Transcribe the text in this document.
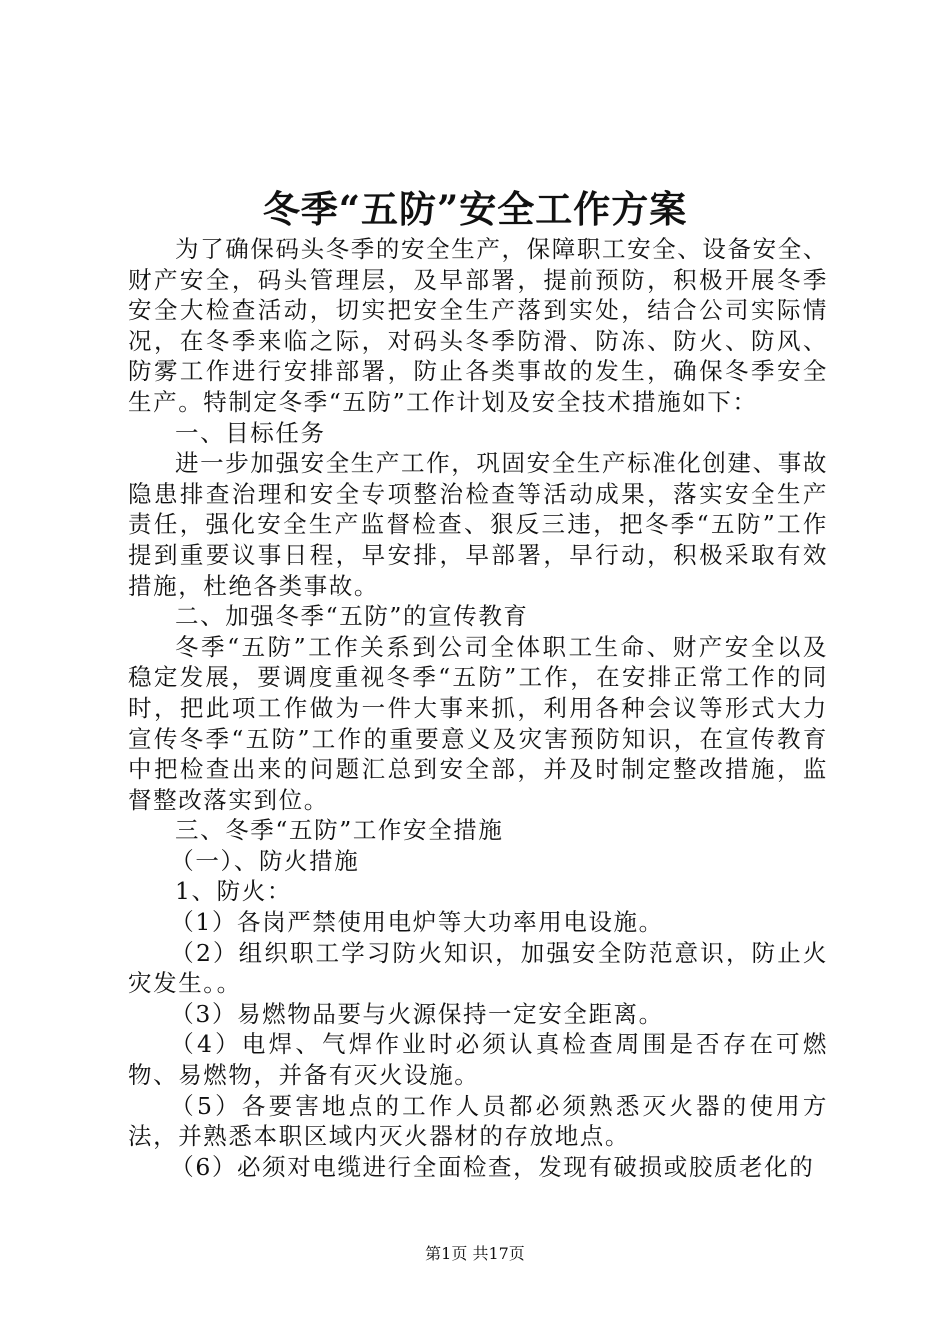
冬季“五防”安全工作方案

为了确保码头冬季的安全生产，保障职工安全、设备安全、财产安全，码头管理层，及早部署，提前预防，积极开展冬季安全大检查活动，切实把安全生产落到实处，结合公司实际情况，在冬季来临之际，对码头冬季防滑、防冻、防火、防风、防雾工作进行安排部署，防止各类事故的发生，确保冬季安全生产。特制定冬季“五防”工作计划及安全技术措施如下：

一、目标任务

进一步加强安全生产工作，巩固安全生产标准化创建、事故隐患排查治理和安全专项整治检查等活动成果，落实安全生产责任，强化安全生产监督检查、狠反三违，把冬季“五防”工作提到重要议事日程，早安排，早部署，早行动，积极采取有效措施，杜绝各类事故。

二、加强冬季“五防”的宣传教育

冬季“五防”工作关系到公司全体职工生命、财产安全以及稳定发展，要调度重视冬季“五防”工作，在安排正常工作的同时，把此项工作做为一件大事来抓，利用各种会议等形式大力宣传冬季“五防”工作的重要意义及灾害预防知识，在宣传教育中把检查出来的问题汇总到安全部，并及时制定整改措施，监督整改落实到位。

三、冬季“五防”工作安全措施

（一）、防火措施

1、防火：

（1）各岗严禁使用电炉等大功率用电设施。

（2）组织职工学习防火知识，加强安全防范意识，防止火灾发生。。

（3）易燃物品要与火源保持一定安全距离。

（4）电焊、气焊作业时必须认真检查周围是否存在可燃物、易燃物，并备有灭火设施。

（5）各要害地点的工作人员都必须熟悉灭火器的使用方法，并熟悉本职区域内灭火器材的存放地点。

（6）必须对电缆进行全面检查，发现有破损或胶质老化的

第1页 共17页
